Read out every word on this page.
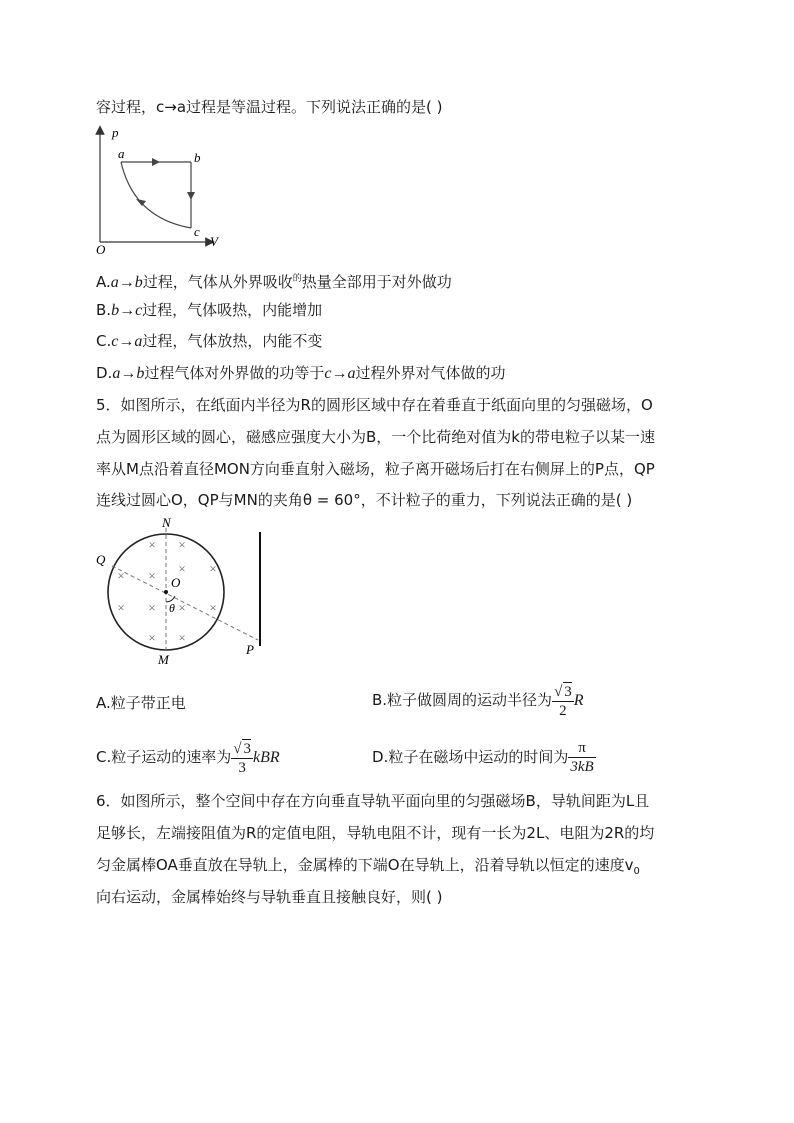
容过程，c→a过程是等温过程。下列说法正确的是( )
p
V
O
a	b
c
A.a→b过程，气体从外界吸收$^的$热量全部用于对外做功
B.b→c过程，气体吸热，内能增加
C.c→a过程，气体放热，内能不变
D.a→b过程气体对外界做的功等于c→a过程外界对气体做的功
5．如图所示，在纸面内半径为R的圆形区域中存在着垂直于纸面向里的匀强磁场，O
点为圆形区域的圆心，磁感应强度大小为B，一个比荷绝对值为k的带电粒子以某一速
率从M点沿着直径MON方向垂直射入磁场，粒子离开磁场后打在右侧屏上的P点，QP
连线过圆心O，QP与MN的夹角θ = 60°，不计粒子的重力，下列说法正确的是( )
N
Q
O
θ
M
P
× ×
× × × ×
× × × ×
× ×
A.粒子带正电	B.粒子做圆周的运动半径为 $\frac{√ 3}{2}$ R
C.粒子运动的速率为 $\frac{√ 3}{3}$ kBR	D.粒子在磁场中运动的时间为 $\frac{\pi}{3kB}$
6．如图所示，整个空间中存在方向垂直导轨平面向里的匀强磁场B，导轨间距为L且
足够长，左端接阻值为R的定值电阻，导轨电阻不计，现有一长为2L、电阻为2R的均
匀金属棒OA垂直放在导轨上，金属棒的下端O在导轨上，沿着导轨以恒定的速度$v_0$
向右运动，金属棒始终与导轨垂直且接触良好，则( )
